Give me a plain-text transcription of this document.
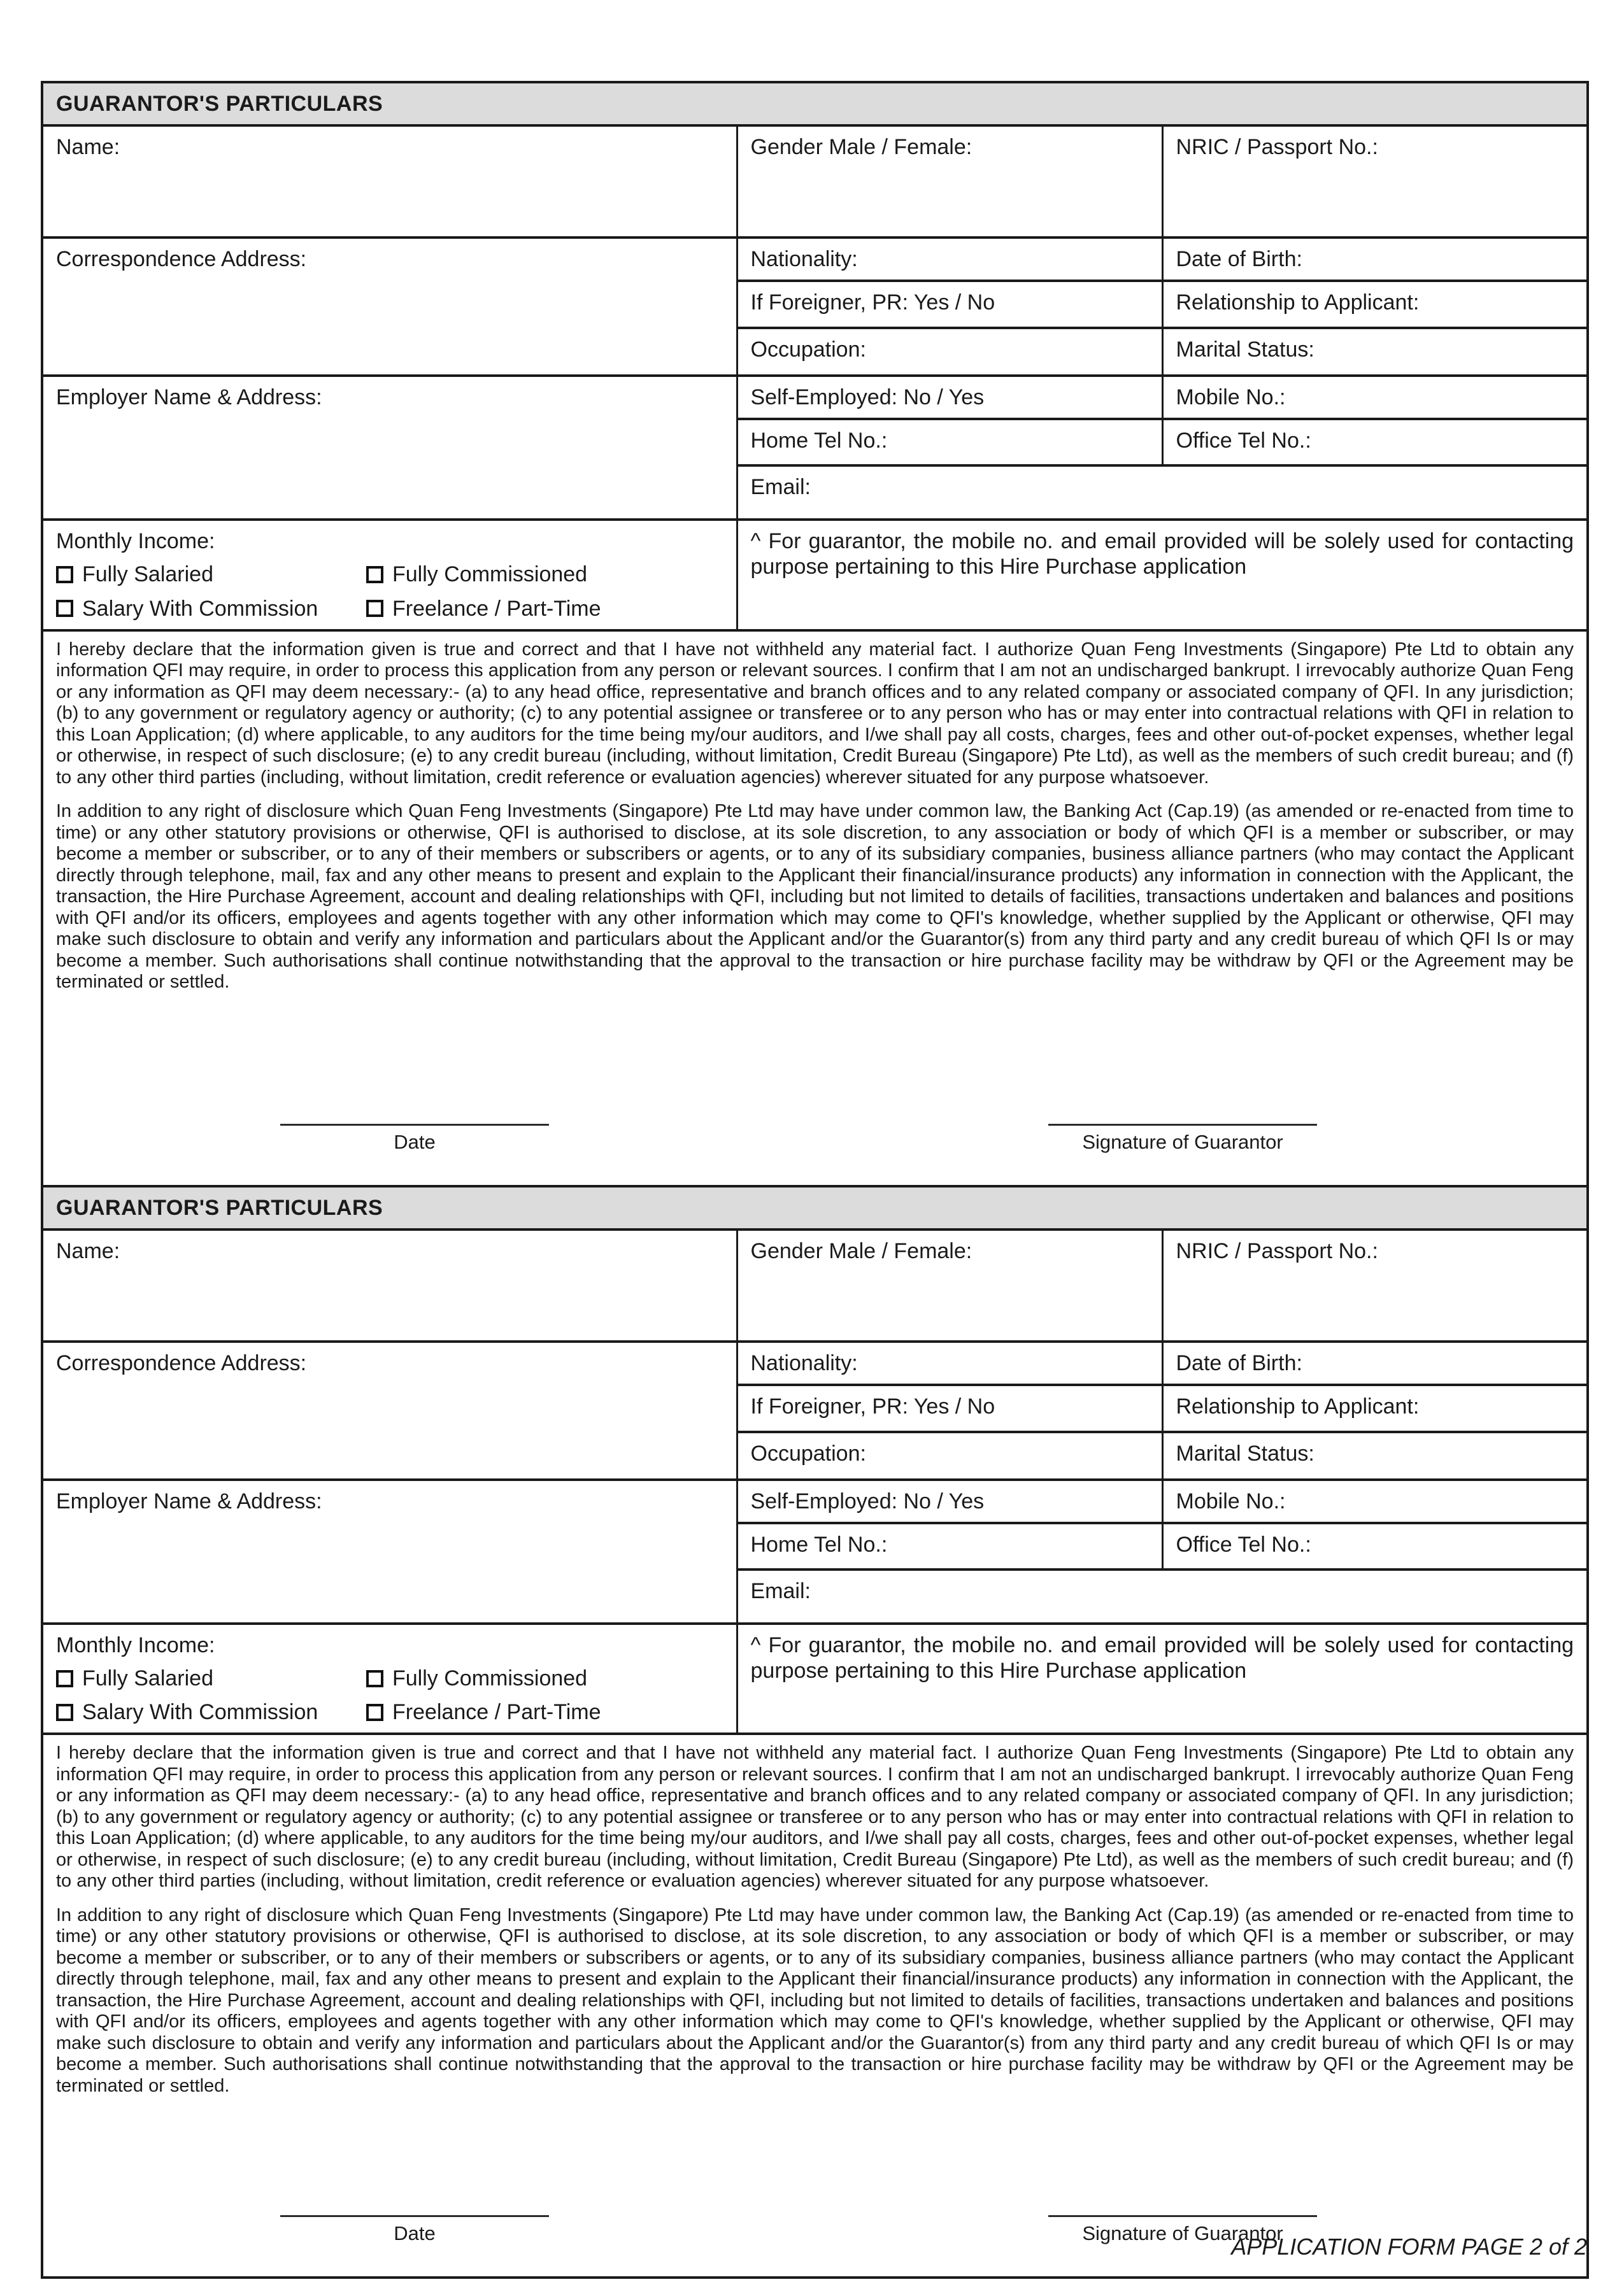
GUARANTOR'S PARTICULARS		
Name:	Gender Male / Female:	NRIC / Passport No.:
Correspondence Address:	Nationality:	Date of Birth:
	If Foreigner, PR: Yes / No	Relationship to Applicant:
	Occupation:	Marital Status:
Employer Name & Address:	Self-Employed: No / Yes	Mobile No.:
	Home Tel No.:	Office Tel No.:
	Email:	

Monthly Income:
Fully Salaried Fully Commissioned
Salary With Commission Freelance / Part-Time	^ For guarantor, the mobile no. and email provided will be solely used for contacting purpose pertaining to this Hire Purchase application	

I hereby declare that the information given is true and correct and that I have not withheld any material fact. I authorize Quan Feng Investments (Singapore) Pte Ltd to obtain any information QFI may require, in order to process this application from any person or relevant sources. I confirm that I am not an undischarged bankrupt. I irrevocably authorize Quan Feng or any information as QFI may deem necessary:- (a) to any head office, representative and branch offices and to any related company or associated company of QFI. In any jurisdiction; (b) to any government or regulatory agency or authority; (c) to any potential assignee or transferee or to any person who has or may enter into contractual relations with QFI in relation to this Loan Application; (d) where applicable, to any auditors for the time being my/our auditors, and I/we shall pay all costs, charges, fees and other out-of-pocket expenses, whether legal or otherwise, in respect of such disclosure; (e) to any credit bureau (including, without limitation, Credit Bureau (Singapore) Pte Ltd), as well as the members of such credit bureau; and (f) to any other third parties (including, without limitation, credit reference or evaluation agencies) wherever situated for any purpose whatsoever.

In addition to any right of disclosure which Quan Feng Investments (Singapore) Pte Ltd may have under common law, the Banking Act (Cap.19) (as amended or re-enacted from time to time) or any other statutory provisions or otherwise, QFI is authorised to disclose, at its sole discretion, to any association or body of which QFI is a member or subscriber, or may become a member or subscriber, or to any of their members or subscribers or agents, or to any of its subsidiary companies, business alliance partners (who may contact the Applicant directly through telephone, mail, fax and any other means to present and explain to the Applicant their financial/insurance products) any information in connection with the Applicant, the transaction, the Hire Purchase Agreement, account and dealing relationships with QFI, including but not limited to details of facilities, transactions undertaken and balances and positions with QFI and/or its officers, employees and agents together with any other information which may come to QFI's knowledge, whether supplied by the Applicant or otherwise, QFI may make such disclosure to obtain and verify any information and particulars about the Applicant and/or the Guarantor(s) from any third party and any credit bureau of which QFI Is or may become a member. Such authorisations shall continue notwithstanding that the approval to the transaction or hire purchase facility may be withdraw by QFI or the Agreement may be terminated or settled.

Date Signature of Guarantor		

GUARANTOR'S PARTICULARS		
Name:	Gender Male / Female:	NRIC / Passport No.:
Correspondence Address:	Nationality:	Date of Birth:
	If Foreigner, PR: Yes / No	Relationship to Applicant:
	Occupation:	Marital Status:
Employer Name & Address:	Self-Employed: No / Yes	Mobile No.:
	Home Tel No.:	Office Tel No.:
	Email:	

Monthly Income:
Fully Salaried Fully Commissioned
Salary With Commission Freelance / Part-Time	^ For guarantor, the mobile no. and email provided will be solely used for contacting purpose pertaining to this Hire Purchase application	

I hereby declare that the information given is true and correct and that I have not withheld any material fact. I authorize Quan Feng Investments (Singapore) Pte Ltd to obtain any information QFI may require, in order to process this application from any person or relevant sources. I confirm that I am not an undischarged bankrupt. I irrevocably authorize Quan Feng or any information as QFI may deem necessary:- (a) to any head office, representative and branch offices and to any related company or associated company of QFI. In any jurisdiction; (b) to any government or regulatory agency or authority; (c) to any potential assignee or transferee or to any person who has or may enter into contractual relations with QFI in relation to this Loan Application; (d) where applicable, to any auditors for the time being my/our auditors, and I/we shall pay all costs, charges, fees and other out-of-pocket expenses, whether legal or otherwise, in respect of such disclosure; (e) to any credit bureau (including, without limitation, Credit Bureau (Singapore) Pte Ltd), as well as the members of such credit bureau; and (f) to any other third parties (including, without limitation, credit reference or evaluation agencies) wherever situated for any purpose whatsoever.

In addition to any right of disclosure which Quan Feng Investments (Singapore) Pte Ltd may have under common law, the Banking Act (Cap.19) (as amended or re-enacted from time to time) or any other statutory provisions or otherwise, QFI is authorised to disclose, at its sole discretion, to any association or body of which QFI is a member or subscriber, or may become a member or subscriber, or to any of their members or subscribers or agents, or to any of its subsidiary companies, business alliance partners (who may contact the Applicant directly through telephone, mail, fax and any other means to present and explain to the Applicant their financial/insurance products) any information in connection with the Applicant, the transaction, the Hire Purchase Agreement, account and dealing relationships with QFI, including but not limited to details of facilities, transactions undertaken and balances and positions with QFI and/or its officers, employees and agents together with any other information which may come to QFI's knowledge, whether supplied by the Applicant or otherwise, QFI may make such disclosure to obtain and verify any information and particulars about the Applicant and/or the Guarantor(s) from any third party and any credit bureau of which QFI Is or may become a member. Such authorisations shall continue notwithstanding that the approval to the transaction or hire purchase facility may be withdraw by QFI or the Agreement may be terminated or settled.

Date Signature of Guarantor		
APPLICATION FORM PAGE 2 of 2
